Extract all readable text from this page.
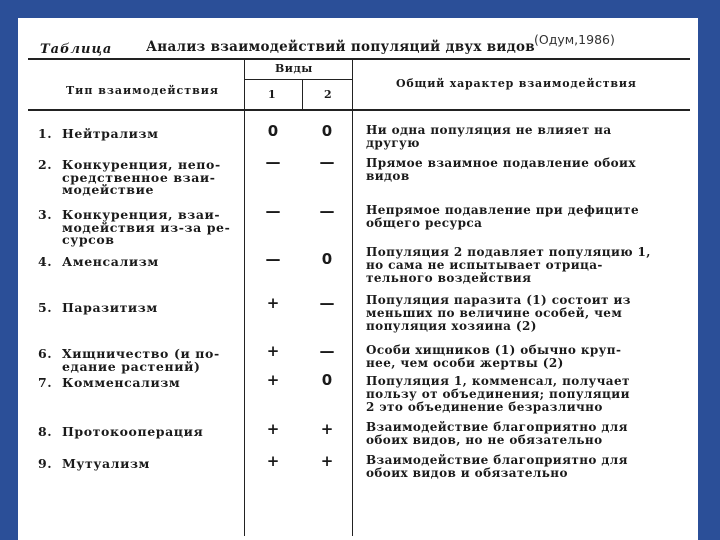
Таблица Анализ взаимодействий популяций двух видов (Одум,1986)
Тип взаимодействия
Виды
1	2
Общий характер взаимодействия
1. Нейтрализм	0	0	Ни одна популяция не влияет на
другую
2. Конкуренция, непо-
средственное взаи-
модействие
—	—	Прямое взаимное подавление обоих
видов
3. Конкуренция, взаи-
модействия из-за ре-
сурсов
—	—	Непрямое подавление при дефиците
общего ресурса
4. Аменсализм	—	0	Популяция 2 подавляет популяцию 1,
но сама не испытывает отрица-
тельного воздействия
5. Паразитизм	+	—	Популяция паразита (1) состоит из
меньших по величине особей, чем
популяция хозяина (2)
6. Хищничество (и по-
едание растений)
+	—	Особи хищников (1) обычно круп-
нее, чем особи жертвы (2)
7. Комменсализм	+	0	Популяция 1, комменсал, получает
пользу от объединения; популяции
2 это объединение безразлично
8. Протокооперация	+	+	Взаимодействие благоприятно для
обоих видов, но не обязательно
9. Мутуализм	+	+	Взаимодействие благоприятно для
обоих видов и обязательно
